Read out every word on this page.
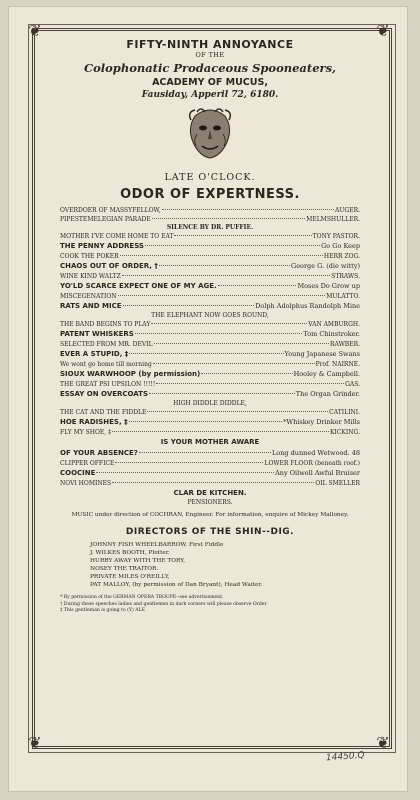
❦	❦
❦	❦
FIFTY-NINTH ANNOYANCE
OF THE
Colophonatic Prodaceous Spooneaters,
ACADEMY OF MUCUS,
Fausiday, Apperil 72, 6180.
LATE O'CLOCK.
ODOR OF EXPERTNESS.
OVERDOER OF MASSYFELLOW,	AUGER.
PIPESTEMELEGIAN PARADE	MELMSHULLER.
SILENCE BY DR. PUFFIE.
MOTHER I'VE COME HOME TO EAT	TONY PASTOR.
THE PENNY ADDRESS	Go Go Keep
COOK THE POKER	HERR ZOG.
CHAOS OUT OF ORDER, †	George G. (die witty)
WINE KIND WALTZ	STRAWS.
YO'LD SCARCE EXPECT ONE OF MY AGE.	Moses Do Grow up
MISCEGENATION	MULATTO.
RATS AND MICE	Dolph Adolphus Randolph Mine
THE ELEPHANT NOW GOES ROUND,
THE BAND BEGINS TO PLAY	VAN AMBURGH.
PATENT WHISKERS	Tom Chinstroker.
SELECTED FROM MR. DEVIL	RAWBER.
EVER A STUPID, ‡	Young Japanese Swans
We wont go home till morning	Prof. NAIRNE.
SIOUX WARWHOOP (by permission)	Hooley & Campbell.
THE GREAT PSI UPSILON !!!!!	GAS.
ESSAY ON OVERCOATS	The Organ Grinder.
HIGH DIDDLE DIDDLE,
THE CAT AND THE FIDDLE	CATILINI.
HOE RADISHES, ‡	*Whiskey Drinker Mills
FLY MY SHOE, ‡	KICKING.
IS YOUR MOTHER AWARE
OF YOUR ABSENCE?	Long dunned Wetwood. 48
CLIPPER OFFICE	LOWER FLOOR (beneath roof.)
COOCINE	Any Oilwell Awful Bruiser
NOVI HOMINES	OIL SMELLER
CLAR DE KITCHEN.
PENSIONERS.
MUSIC under direction of COCHRAN, Engineer. For information, enquire of Mickey Malloney.
DIRECTORS OF THE SHIN--DIG.
JOHNNY FISH WHEELBARROW, First Fiddle
J. WILKES BOOTH, Plotter.
HURRY AWAY WITH THE TORY,
NOSEY THE TRAITOR.
PRIVATE MILES O'REILLY,
PAT MALLOY, (by permission of Dan Bryant), Head Waiter.
* By permission of the GERMAN OPERA TROUPE--see advertisement.
† During these speeches ladies and gentlemen in dark corners will please observe Order
‡ This gentleman is going to (Y) ALE
14450.Q
